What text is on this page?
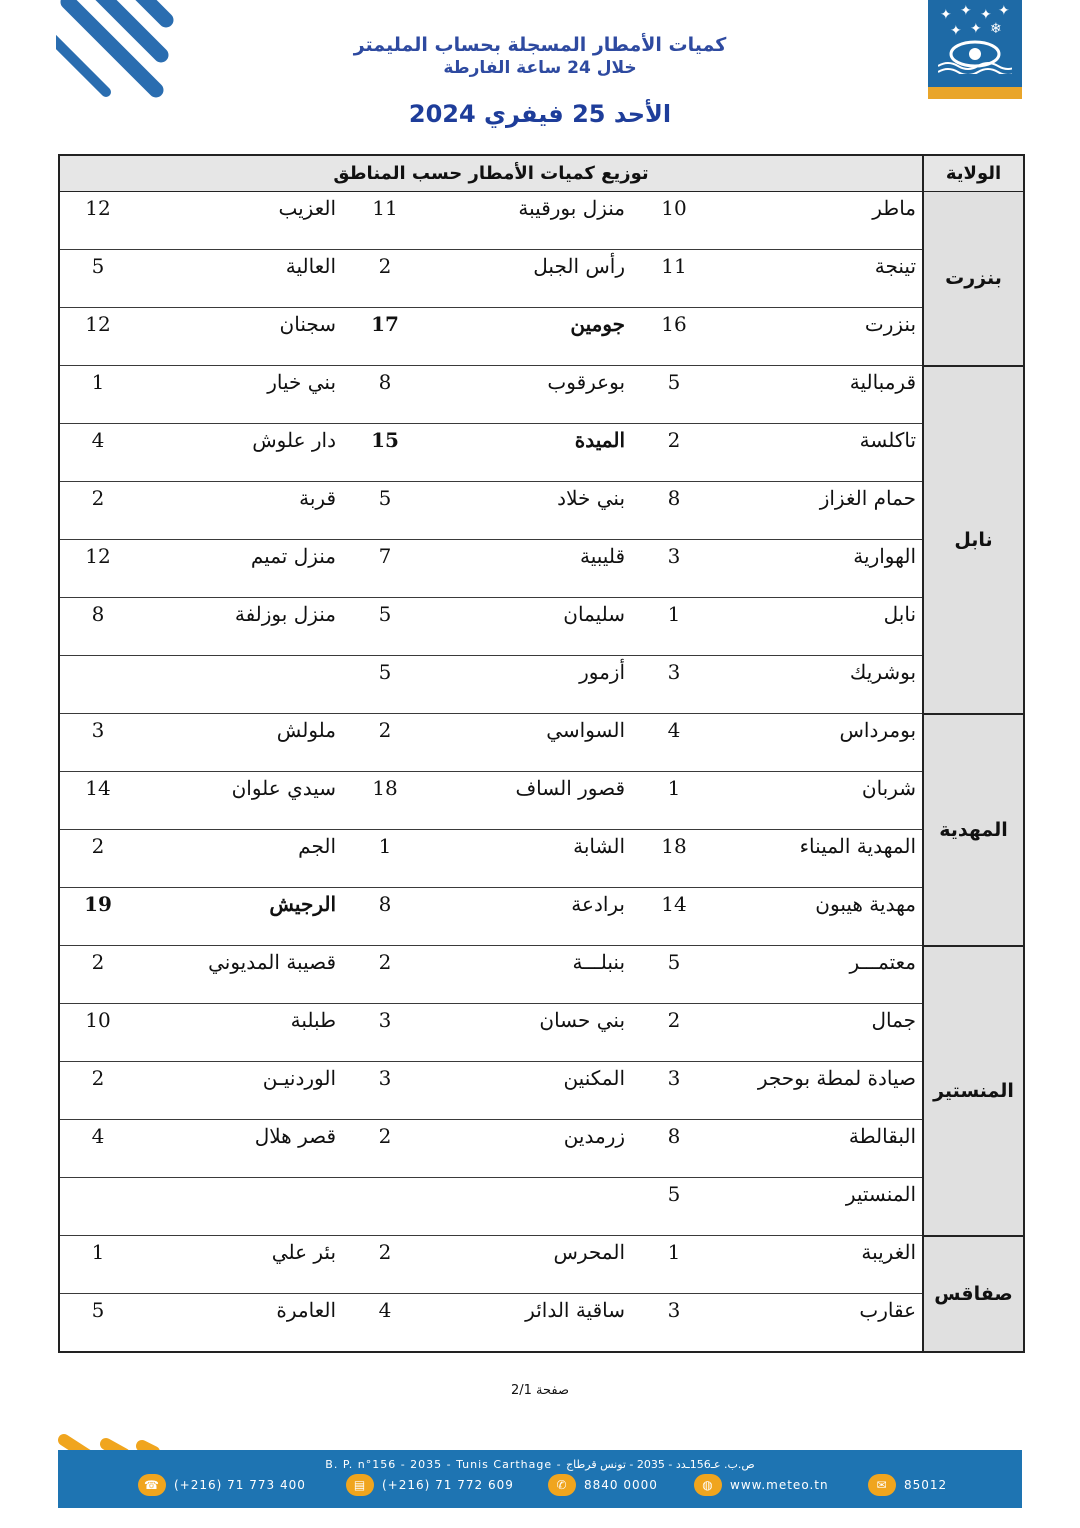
✦ ✦ ✦ ✦
✦ ❄
✦
كميات الأمطار المسجلة بحساب المليمتر
خلال 24 ساعة الفارطة
الأحد 25 فيفري 2024
الولاية	توزيع كميات الأمطار حسب المناطق					
بنزرت	ماطر	10	منزل بورقيبة	11	العزيب	12
	تينجة	11	رأس الجبل	2	العالية	5
	بنزرت	16	جومين	17	سجنان	12
نابل	قرمبالية	5	بوعرقوب	8	بني خيار	1
	تاكلسة	2	الميدة	15	دار علوش	4
	حمام الغزاز	8	بني خلاد	5	قربة	2
	الهوارية	3	قليبية	7	منزل تميم	12
	نابل	1	سليمان	5	منزل بوزلفة	8
	بوشريك	3	أزمور	5		
المهدية	بومرداس	4	السواسي	2	ملولش	3
	شربان	1	قصور الساف	18	سيدي علوان	14
	المهدية الميناء	18	الشابة	1	الجم	2
	مهدية هيبون	14	برادعة	8	الرجيش	19
المنستير	معتمـــر	5	بنبلـــة	2	قصيبة المديوني	2
	جمال	2	بني حسان	3	طبلبة	10
	صيادة لمطة بوحجر	3	المكنين	3	الوردنيـن	2
	البقالطة	8	زرمدين	2	قصر هلال	4
	المنستير	5				
صفاقس	الغريبة	1	المحرس	2	بئر علي	1
	عقارب	3	ساقية الدائر	4	العامرة	5
صفحة 2/1
B. P. n°156 - 2035 - Tunis Carthage - ص.ب. عـ156ـدد - 2035 - تونس قرطاج
☎	(+216) 71 773 400	▤	(+216) 71 772 609	✆	8840 0000	◍	www.meteo.tn	✉	85012
